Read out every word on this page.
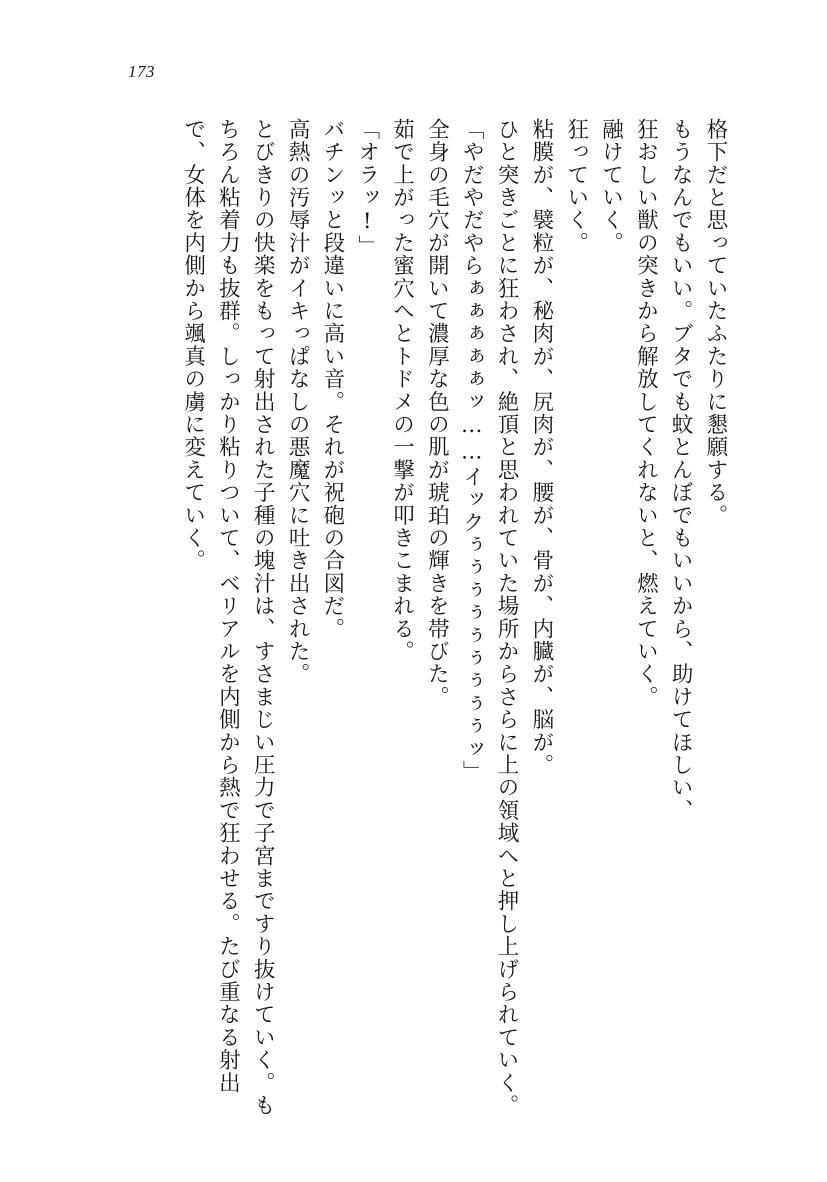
173

格下だと思っていたふたりに懇願する。

もうなんでもいい。ブタでも蚊とんぼでもいいから、助けてほしい、

狂おしい獣の突きから解放してくれないと、燃えていく。

融けていく。

狂っていく。

粘膜が、襞粒が、秘肉が、尻肉が、腰が、骨が、内臓が、脳が。

ひと突きごとに狂わされ、絶頂と思われていた場所からさらに上の領域へと押し上げられていく。

「やだやだやらぁぁぁぁぁッ……イックぅぅぅぅぅぅぅぅぅッ」

全身の毛穴が開いて濃厚な色の肌が琥珀の輝きを帯びた。

茹で上がった蜜穴へとトドメの一撃が叩きこまれる。

「オラッ!」

バチンッと段違いに高い音。それが祝砲の合図だ。

高熱の汚辱汁がイキっぱなしの悪魔穴に吐き出された。

とびきりの快楽をもって射出された子種の塊汁は、すさまじい圧力で子宮まですり抜けていく。もちろん粘着力も抜群。しっかり粘りついて、ベリアルを内側から熱で狂わせる。たび重なる射出で、女体を内側から颯真の虜に変えていく。
